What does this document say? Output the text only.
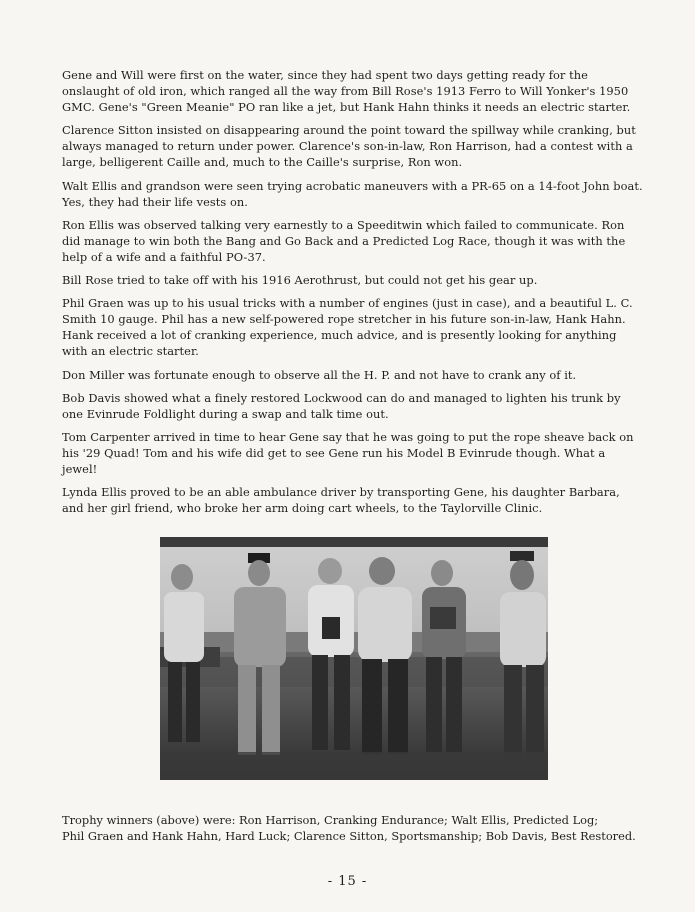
Gene and Will were first on the water, since they had spent two days getting ready for the onslaught of old iron, which ranged all the way from Bill Rose's 1913 Ferro to Will Yonker's 1950 GMC. Gene's "Green Meanie" PO ran like a jet, but Hank Hahn thinks it needs an electric starter.

Clarence Sitton insisted on disappearing around the point toward the spillway while cranking, but always managed to return under power. Clarence's son-in-law, Ron Harrison, had a contest with a large, belligerent Caille and, much to the Caille's surprise, Ron won.

Walt Ellis and grandson were seen trying acrobatic maneuvers with a PR-65 on a 14-foot John boat. Yes, they had their life vests on.

Ron Ellis was observed talking very earnestly to a Speeditwin which failed to communicate. Ron did manage to win both the Bang and Go Back and a Predicted Log Race, though it was with the help of a wife and a faithful PO-37.

Bill Rose tried to take off with his 1916 Aerothrust, but could not get his gear up.

Phil Graen was up to his usual tricks with a number of engines (just in case), and a beautiful L. C. Smith 10 gauge. Phil has a new self-powered rope stretcher in his future son-in-law, Hank Hahn. Hank received a lot of cranking experience, much advice, and is presently looking for anything with an electric starter.

Don Miller was fortunate enough to observe all the H. P. and not have to crank any of it.

Bob Davis showed what a finely restored Lockwood can do and managed to lighten his trunk by one Evinrude Foldlight during a swap and talk time out.

Tom Carpenter arrived in time to hear Gene say that he was going to put the rope sheave back on his '29 Quad! Tom and his wife did get to see Gene run his Model B Evinrude though. What a jewel!

Lynda Ellis proved to be an able ambulance driver by transporting Gene, his daughter Barbara, and her girl friend, who broke her arm doing cart wheels, to the Taylorville Clinic.

Trophy winners (above) were: Ron Harrison, Cranking Endurance; Walt Ellis, Predicted Log;
Phil Graen and Hank Hahn, Hard Luck; Clarence Sitton, Sportsmanship; Bob Davis, Best Restored.

- 15 -
